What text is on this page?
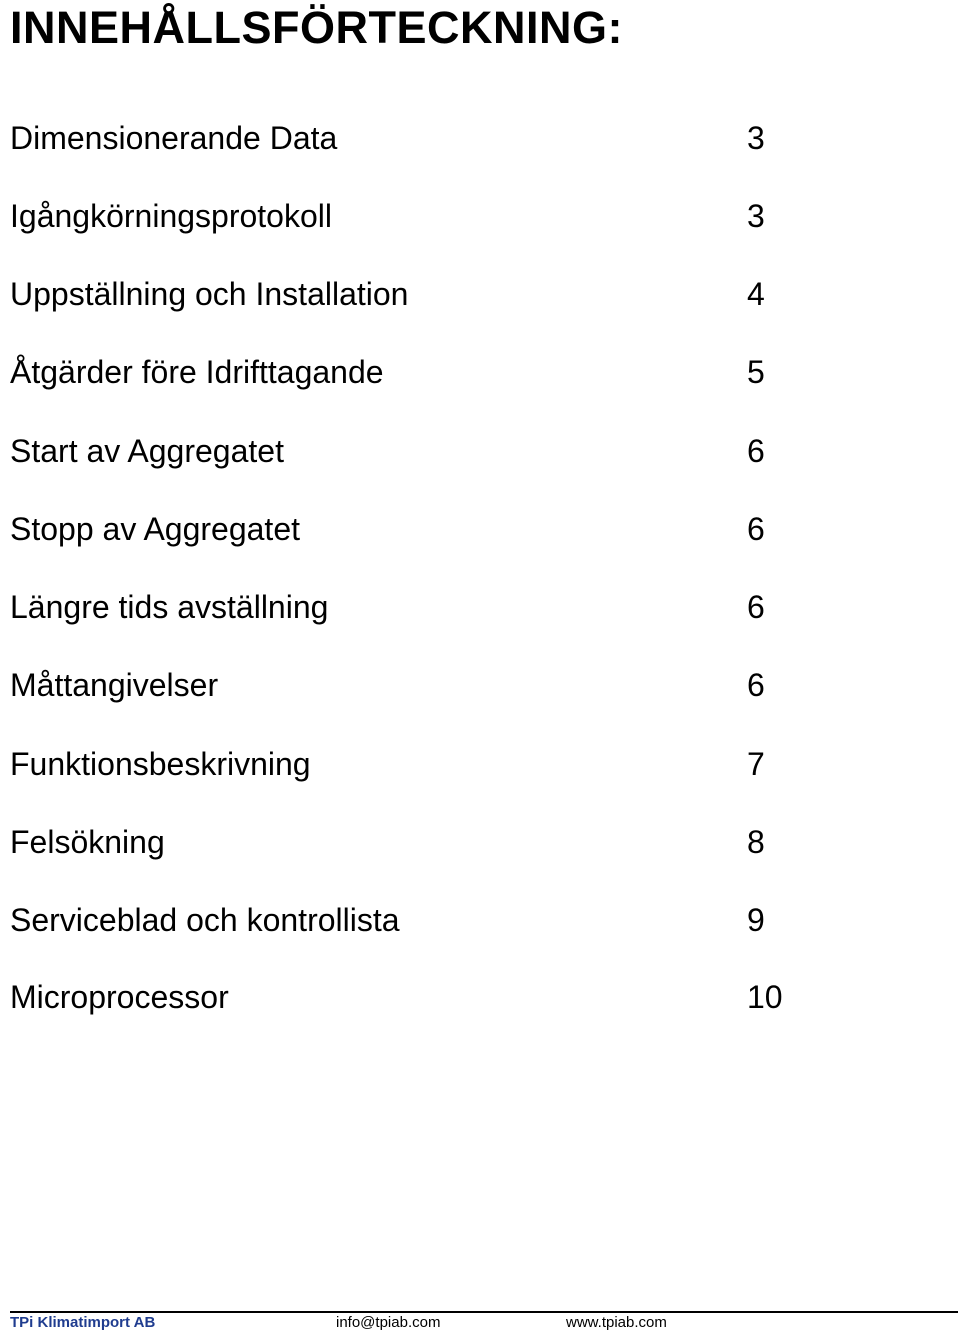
INNEHÅLLSFÖRTECKNING:
Dimensionerande Data	3
Igångkörningsprotokoll	3
Uppställning och Installation	4
Åtgärder före Idrifttagande	5
Start av Aggregatet	6
Stopp av Aggregatet	6
Längre tids avställning	6
Måttangivelser	6
Funktionsbeskrivning	7
Felsökning	8
Serviceblad och kontrollista	9
Microprocessor	10
TPi Klimatimport AB	info@tpiab.com	www.tpiab.com
